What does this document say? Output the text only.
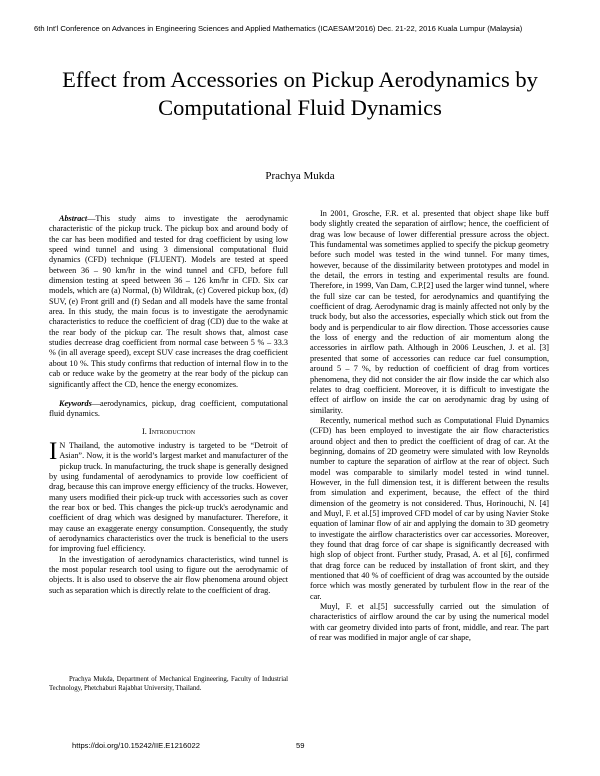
6th Int'l Conference on Advances in Engineering Sciences and Applied Mathematics (ICAESAM'2016) Dec. 21-22, 2016 Kuala Lumpur (Malaysia)
Effect from Accessories on Pickup Aerodynamics by Computational Fluid Dynamics
Prachya Mukda

Abstract—This study aims to investigate the aerodynamic characteristic of the pickup truck. The pickup box and around body of the car has been modified and tested for drag coefficient by using low speed wind tunnel and using 3 dimensional computational fluid dynamics (CFD) technique (FLUENT). Models are tested at speed between 36 – 90 km/hr in the wind tunnel and CFD, before full dimension testing at speed between 36 – 126 km/hr in CFD. Six car models, which are (a) Normal, (b) Wildtrak, (c) Covered pickup box, (d) SUV, (e) Front grill and (f) Sedan and all models have the same frontal area. In this study, the main focus is to investigate the aerodynamic characteristics to reduce the coefficient of drag (CD) due to the wake at the rear body of the pickup car. The result shows that, almost case studies decrease drag coefficient from normal case between 5 % – 33.3 % (in all average speed), except SUV case increases the drag coefficient about 10 %. This study confirms that reduction of internal flow in to the cab or reduce wake by the geometry at the rear body of the pickup can significantly affect the CD, hence the energy economizes.

Keywords—aerodynamics, pickup, drag coefficient, computational fluid dynamics.

I. Introduction

I N Thailand, the automotive industry is targeted to be “Detroit of Asian”. Now, it is the world’s largest market and manufacturer of the pickup truck. In manufacturing, the truck shape is generally designed by using fundamental of aerodynamics to provide low coefficient of drag, because this can improve energy efficiency of the trucks. However, many users modified their pick-up truck with accessories such as cover the rear box or bed. This changes the pick-up truck's aerodynamic and coefficient of drag which was designed by manufacturer. Therefore, it may cause an exaggerate energy consumption. Consequently, the study of aerodynamics characteristics over the truck is beneficial to the users for improving fuel efficiency.

In the investigation of aerodynamics characteristics, wind tunnel is the most popular research tool using to figure out the aerodynamic of objects. It is also used to observe the air flow phenomena around object such as separation which is directly relate to the coefficient of drag.

Prachya Mukda, Department of Mechanical Engineering, Faculty of Industrial Technology, Phetchaburi Rajabhat University, Thailand.

In 2001, Grosche, F.R. et al. presented that object shape like buff body slightly created the separation of airflow; hence, the coefficient of drag was low because of lower differential pressure across the object. This fundamental was sometimes applied to specify the pickup geometry before such model was tested in the wind tunnel. For many times, however, because of the dissimilarity between prototypes and model in the detail, the errors in testing and experimental results are found. Therefore, in 1999, Van Dam, C.P.[2] used the larger wind tunnel, where the full size car can be tested, for aerodynamics and quantifying the coefficient of drag. Aerodynamic drag is mainly affected not only by the truck body, but also the accessories, especially which stick out from the body and is perpendicular to air flow direction. Those accessories cause the loss of energy and the reduction of air momentum along the accessories in airflow path. Although in 2006 Leuschen, J. et al. [3] presented that some of accessories can reduce car fuel consumption, around 5 – 7 %, by reduction of coefficient of drag from vortices phenomena, they did not consider the air flow inside the car which also relates to drag coefficient. Moreover, it is difficult to investigate the effect of airflow on inside the car on aerodynamic drag by using of similarity.

Recently, numerical method such as Computational Fluid Dynamics (CFD) has been employed to investigate the air flow characteristics around object and then to predict the coefficient of drag of car. At the beginning, domains of 2D geometry were simulated with low Reynolds number to capture the separation of airflow at the rear of object. Such model was comparable to similarly model tested in wind tunnel. However, in the full dimension test, it is different between the results from simulation and experiment, because, the effect of the third dimension of the geometry is not considered. Thus, Horinouchi, N. [4] and Muyl, F. et al.[5] improved CFD model of car by using Navier Stoke equation of laminar flow of air and applying the domain to 3D geometry to investigate the airflow characteristics over car accessories. Moreover, they found that drag force of car shape is significantly decreased with high slop of object front. Further study, Prasad, A. et al [6], confirmed that drag force can be reduced by installation of front skirt, and they mentioned that 40 % of coefficient of drag was accounted by the outside force which was mostly generated by turbulent flow in the rear of the car.

Muyl, F. et al.[5] successfully carried out the simulation of characteristics of airflow around the car by using the numerical model with car geometry divided into parts of front, middle, and rear. The part of rear was modified in major angle of car shape,

https://doi.org/10.15242/IIE.E1216022	59
